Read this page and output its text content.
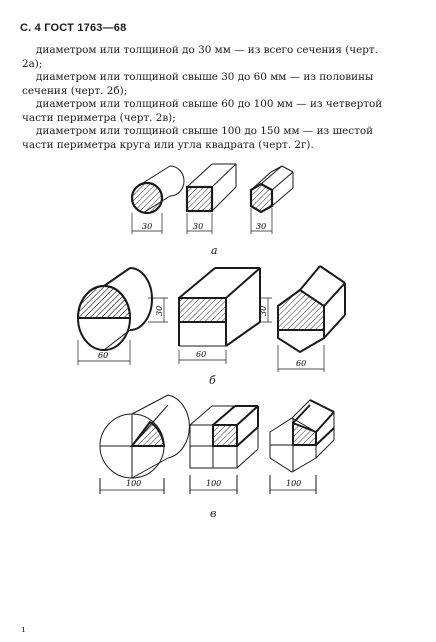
С. 4 ГОСТ 1763—68
диаметром или толщиной до 30 мм — из всего сечения (черт. 2а);
диаметром или толщиной свыше 30 до 60 мм — из половины сечения (черт. 2б);
диаметром или толщиной свыше 60 до 100 мм — из четвертой части периметра (черт. 2в);
диаметром или толщиной свыше 100 до 150 мм — из шестой части периметра круга или угла квадрата (черт. 2г).
30	30	30
60
30
60
30
60
100	100	100
а
б
в
ı
